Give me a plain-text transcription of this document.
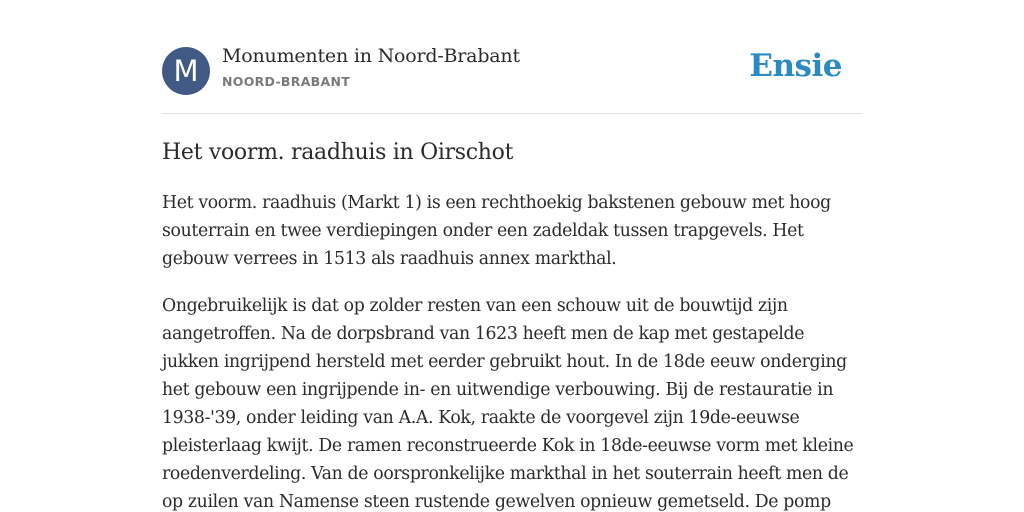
M	Monumenten in Noord-Brabant
NOORD-BRABANT	Ensie
Het voorm. raadhuis in Oirschot

Het voorm. raadhuis (Markt 1) is een rechthoekig bakstenen gebouw met hoog souterrain en twee verdiepingen onder een zadeldak tussen trapgevels. Het gebouw verrees in 1513 als raadhuis annex markthal.

Ongebruikelijk is dat op zolder resten van een schouw uit de bouwtijd zijn aangetroffen. Na de dorpsbrand van 1623 heeft men de kap met gestapelde jukken ingrijpend hersteld met eerder gebruikt hout. In de 18de eeuw onderging het gebouw een ingrijpende in- en uitwendige verbouwing. Bij de restauratie in 1938-'39, onder leiding van A.A. Kok, raakte de voorgevel zijn 19de-eeuwse pleisterlaag kwijt. De ramen reconstrueerde Kok in 18de-eeuwse vorm met kleine roedenverdeling. Van de oorspronkelijke markthal in het souterrain heeft men de op zuilen van Namense steen rustende gewelven opnieuw gemetseld. De pomp
